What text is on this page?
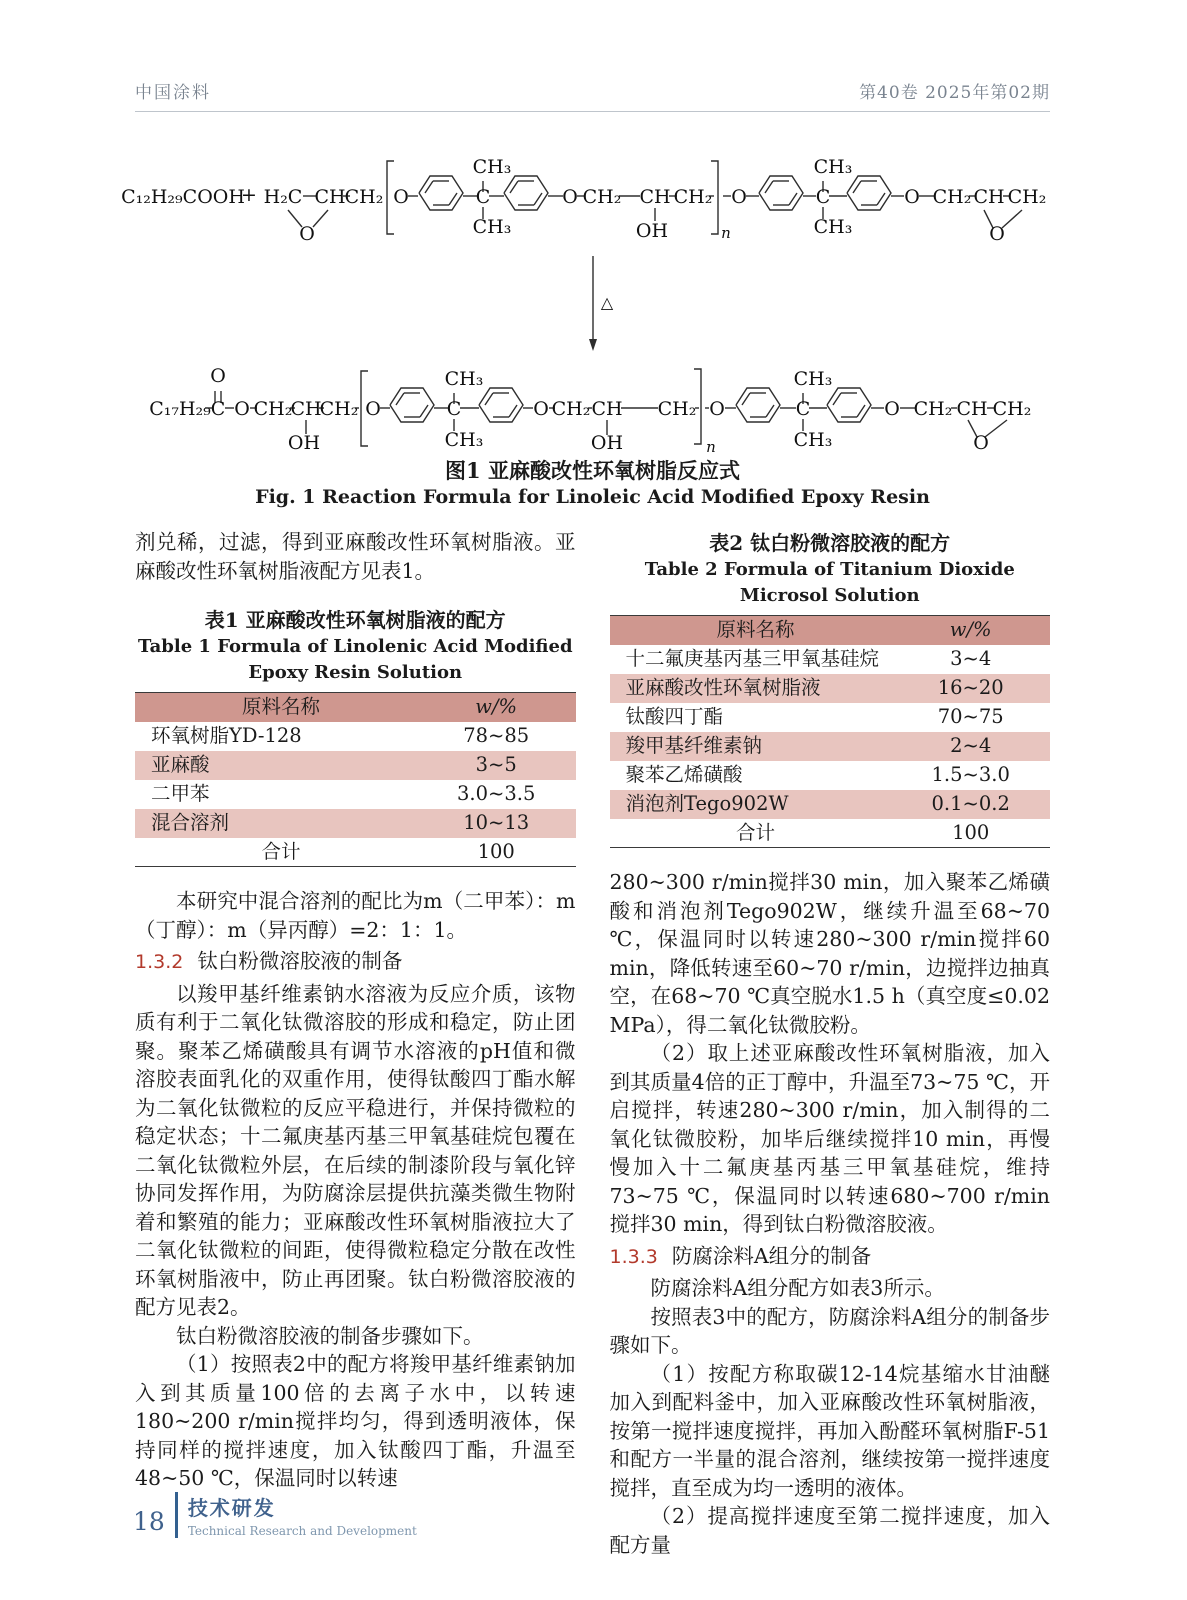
中国涂料	第40卷 2025年第02期
C₁₂H₂₉COOH
+ H₂C CH CH₂
O
O
CH₃
C
CH₃
O CH₂ CH
OH
CH₂
n
O
CH₃
C
CH₃
O CH₂ CH CH₂
O
△
C₁₇H₂₉
O
C O CH₂
CH
OH
CH₂ O
CH₃
C
CH₃
O CH₂ CH
OH
CH₂
n
O
CH₃
C
CH₃
O CH₂ CH CH₂
O
图1 亚麻酸改性环氧树脂反应式
Fig. 1 Reaction Formula for Linoleic Acid Modified Epoxy Resin

剂兑稀，过滤，得到亚麻酸改性环氧树脂液。亚麻酸改性环氧树脂液配方见表1。

表1 亚麻酸改性环氧树脂液的配方
Table 1 Formula of Linolenic Acid Modified Epoxy Resin Solution
原料名称	w/%
环氧树脂YD-128	78~85
亚麻酸	3~5
二甲苯	3.0~3.5
混合溶剂	10~13
合计	100

本研究中混合溶剂的配比为m（二甲苯）：m（丁醇）：m（异丙醇）=2：1：1。

1.3.2 钛白粉微溶胶液的制备

以羧甲基纤维素钠水溶液为反应介质，该物质有利于二氧化钛微溶胶的形成和稳定，防止团聚。聚苯乙烯磺酸具有调节水溶液的pH值和微溶胶表面乳化的双重作用，使得钛酸四丁酯水解为二氧化钛微粒的反应平稳进行，并保持微粒的稳定状态；十二氟庚基丙基三甲氧基硅烷包覆在二氧化钛微粒外层，在后续的制漆阶段与氧化锌协同发挥作用，为防腐涂层提供抗藻类微生物附着和繁殖的能力；亚麻酸改性环氧树脂液拉大了二氧化钛微粒的间距，使得微粒稳定分散在改性环氧树脂液中，防止再团聚。钛白粉微溶胶液的配方见表2。

钛白粉微溶胶液的制备步骤如下。

（1）按照表2中的配方将羧甲基纤维素钠加入到其质量100倍的去离子水中，以转速180~200 r/min搅拌均匀，得到透明液体，保持同样的搅拌速度，加入钛酸四丁酯，升温至48~50 ℃，保温同时以转速

表2 钛白粉微溶胶液的配方
Table 2 Formula of Titanium Dioxide Microsol Solution
原料名称	w/%
十二氟庚基丙基三甲氧基硅烷	3~4
亚麻酸改性环氧树脂液	16~20
钛酸四丁酯	70~75
羧甲基纤维素钠	2~4
聚苯乙烯磺酸	1.5~3.0
消泡剂Tego902W	0.1~0.2
合计	100

280~300 r/min搅拌30 min，加入聚苯乙烯磺酸和消泡剂Tego902W，继续升温至68~70 ℃，保温同时以转速280~300 r/min搅拌60 min，降低转速至60~70 r/min，边搅拌边抽真空，在68~70 ℃真空脱水1.5 h（真空度≤0.02 MPa），得二氧化钛微胶粉。

（2）取上述亚麻酸改性环氧树脂液，加入到其质量4倍的正丁醇中，升温至73~75 ℃，开启搅拌，转速280~300 r/min，加入制得的二氧化钛微胶粉，加毕后继续搅拌10 min，再慢慢加入十二氟庚基丙基三甲氧基硅烷，维持73~75 ℃，保温同时以转速680~700 r/min搅拌30 min，得到钛白粉微溶胶液。

1.3.3 防腐涂料A组分的制备

防腐涂料A组分配方如表3所示。

按照表3中的配方，防腐涂料A组分的制备步骤如下。

（1）按配方称取碳12-14烷基缩水甘油醚加入到配料釜中，加入亚麻酸改性环氧树脂液，按第一搅拌速度搅拌，再加入酚醛环氧树脂F-51和配方一半量的混合溶剂，继续按第一搅拌速度搅拌，直至成为均一透明的液体。

（2）提高搅拌速度至第二搅拌速度，加入配方量

18 技术研发
Technical Research and Development
